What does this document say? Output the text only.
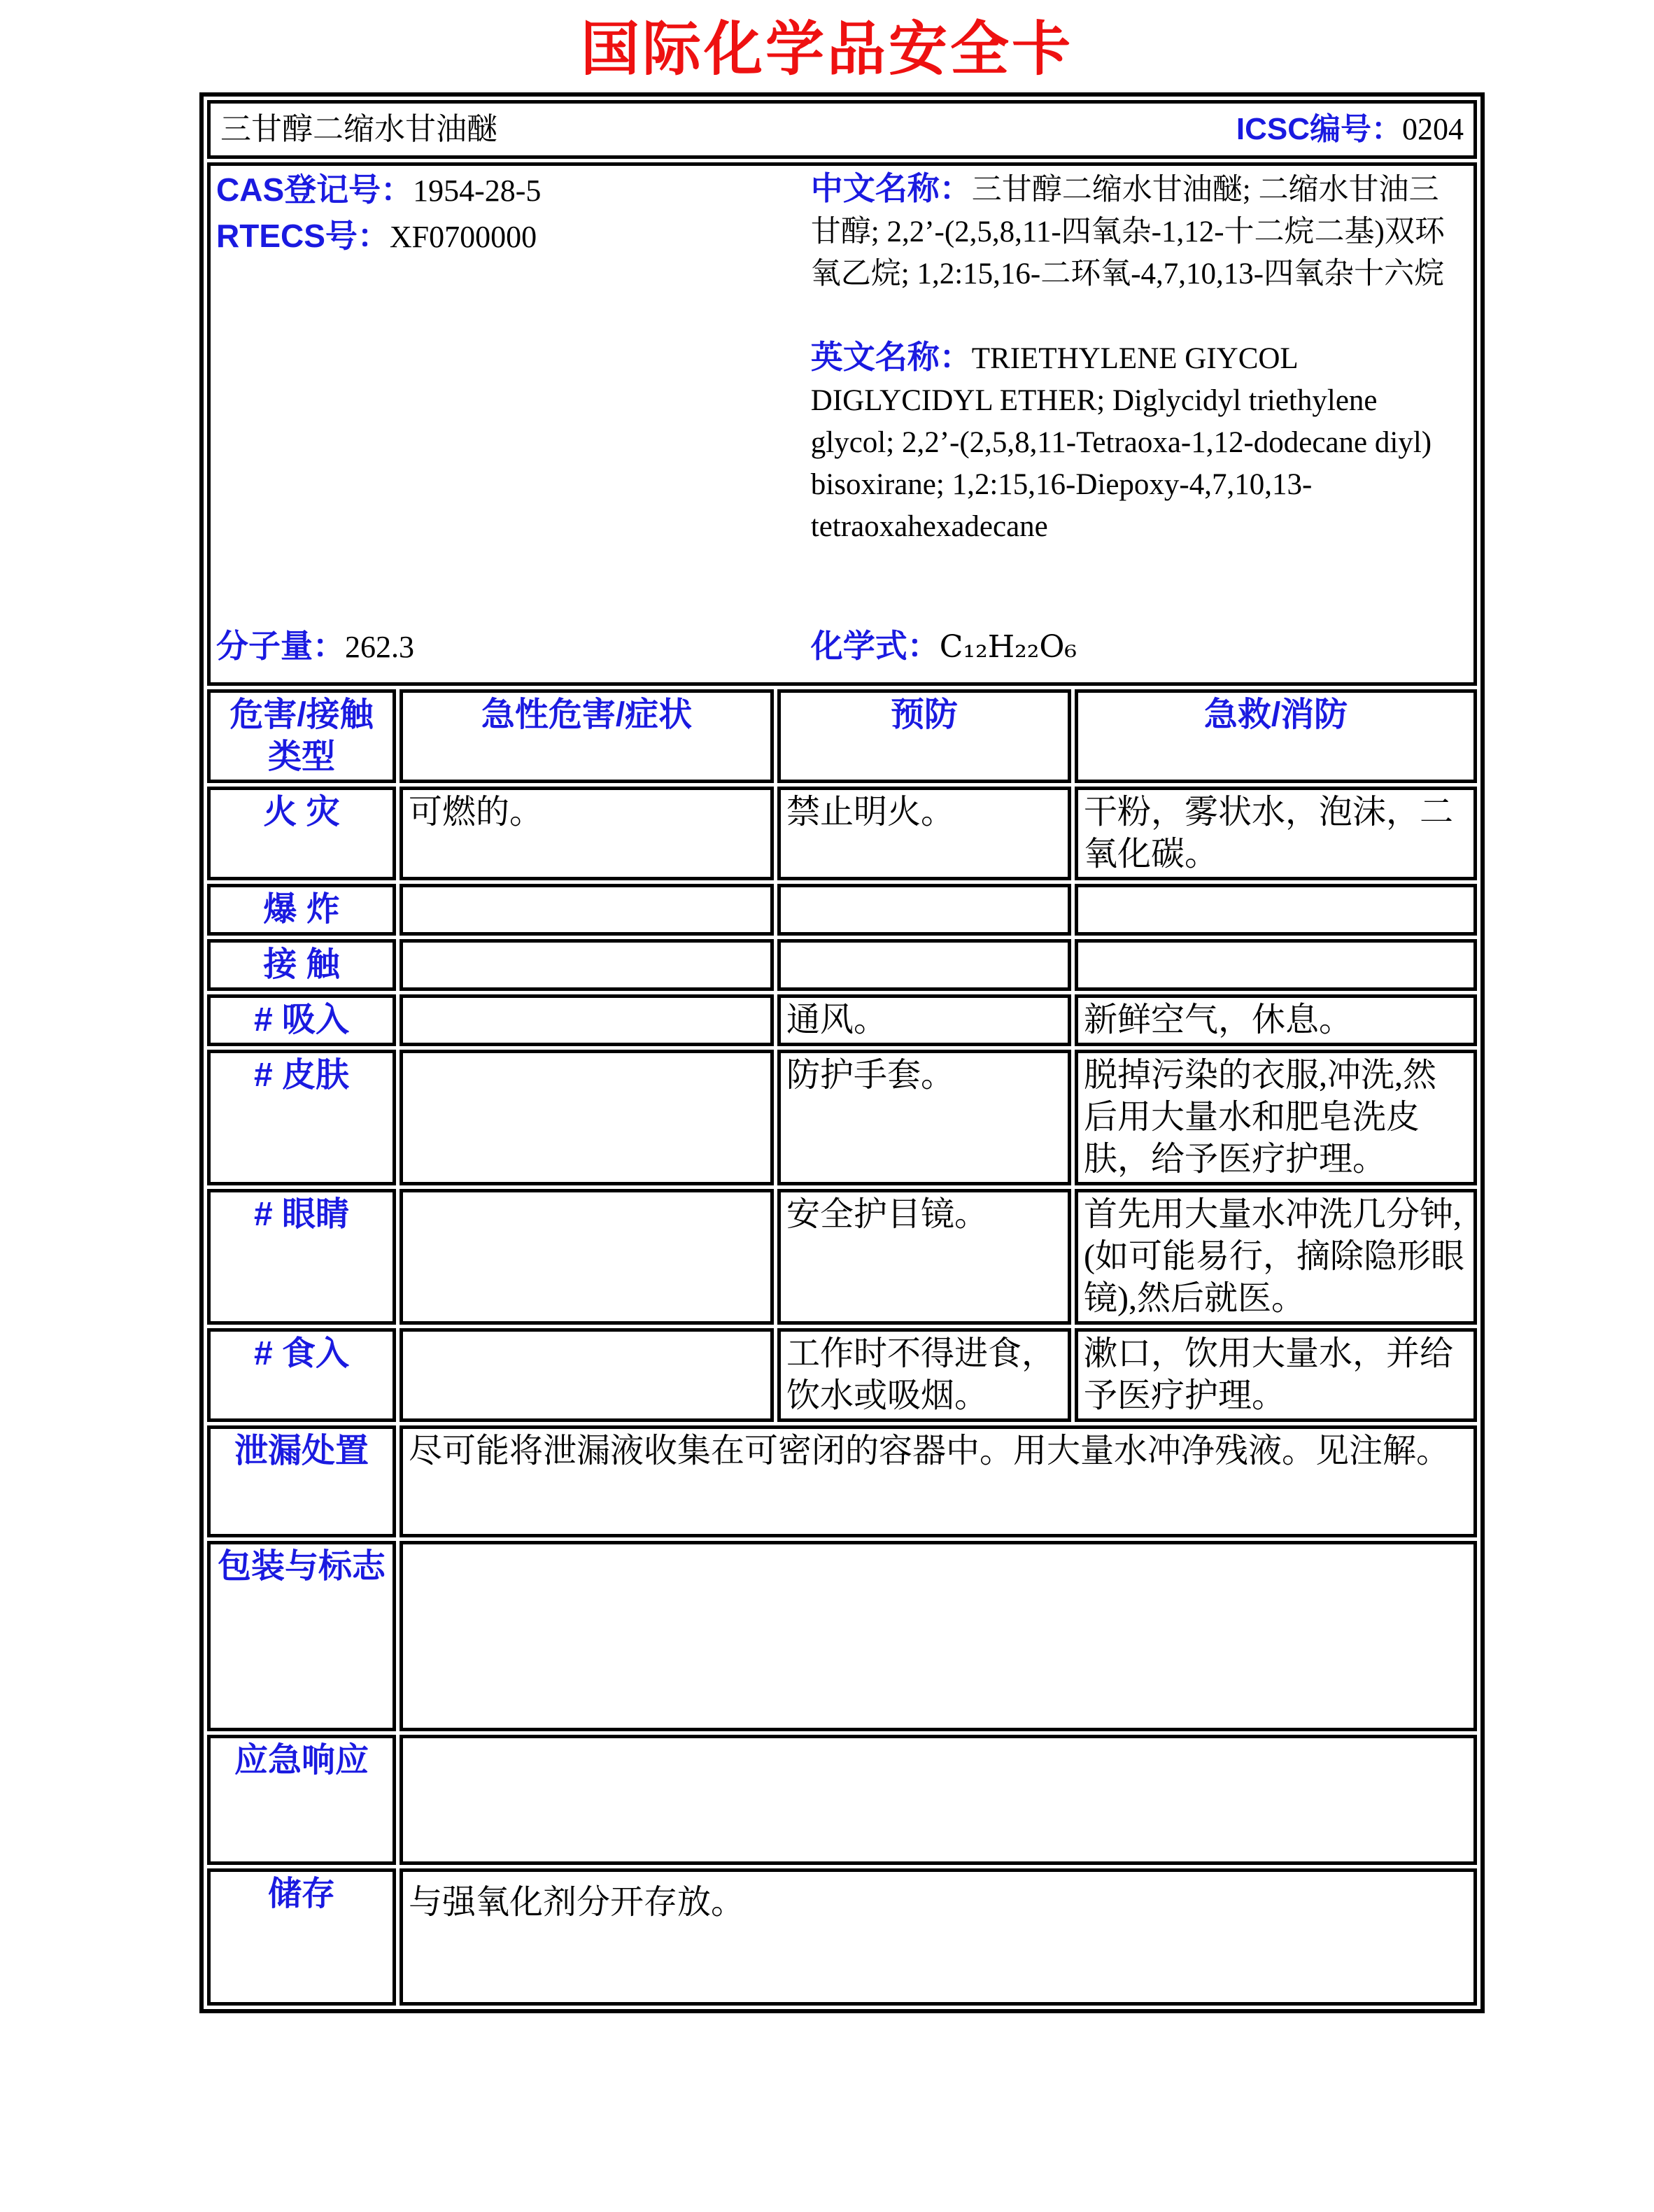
国际化学品安全卡
三甘醇二缩水甘油醚 ICSC编号：0204			

CAS登记号：1954-28-5
RTECS号：XF0700000

中文名称：三甘醇二缩水甘油醚; 二缩水甘油三甘醇; 2,2’-(2,5,8,11-四氧杂-1,12-十二烷二基)双环氧乙烷; 1,2:15,16-二环氧-4,7,10,13-四氧杂十六烷

英文名称：TRIETHYLENE GIYCOL DIGLYCIDYL ETHER; Diglycidyl triethylene glycol; 2,2’-(2,5,8,11-Tetraoxa-1,12-dodecane diyl) bisoxirane; 1,2:15,16-Diepoxy-4,7,10,13-tetraoxahexadecane

分子量：262.3	化学式：C₁₂H₂₂O₆

危害/接触类型	急性危害/症状	预防	急救/消防
火 灾	可燃的。	禁止明火。	干粉，雾状水，泡沫，二氧化碳。
爆 炸			
接 触			
# 吸入		通风。	新鲜空气，休息。
# 皮肤		防护手套。	脱掉污染的衣服,冲洗,然后用大量水和肥皂洗皮肤，给予医疗护理。
# 眼睛		安全护目镜。	首先用大量水冲洗几分钟,(如可能易行，摘除隐形眼镜),然后就医。
# 食入		工作时不得进食，饮水或吸烟。	漱口，饮用大量水，并给予医疗护理。
泄漏处置	尽可能将泄漏液收集在可密闭的容器中。用大量水冲净残液。见注解。		
包装与标志			
应急响应			
储存	与强氧化剂分开存放。		
